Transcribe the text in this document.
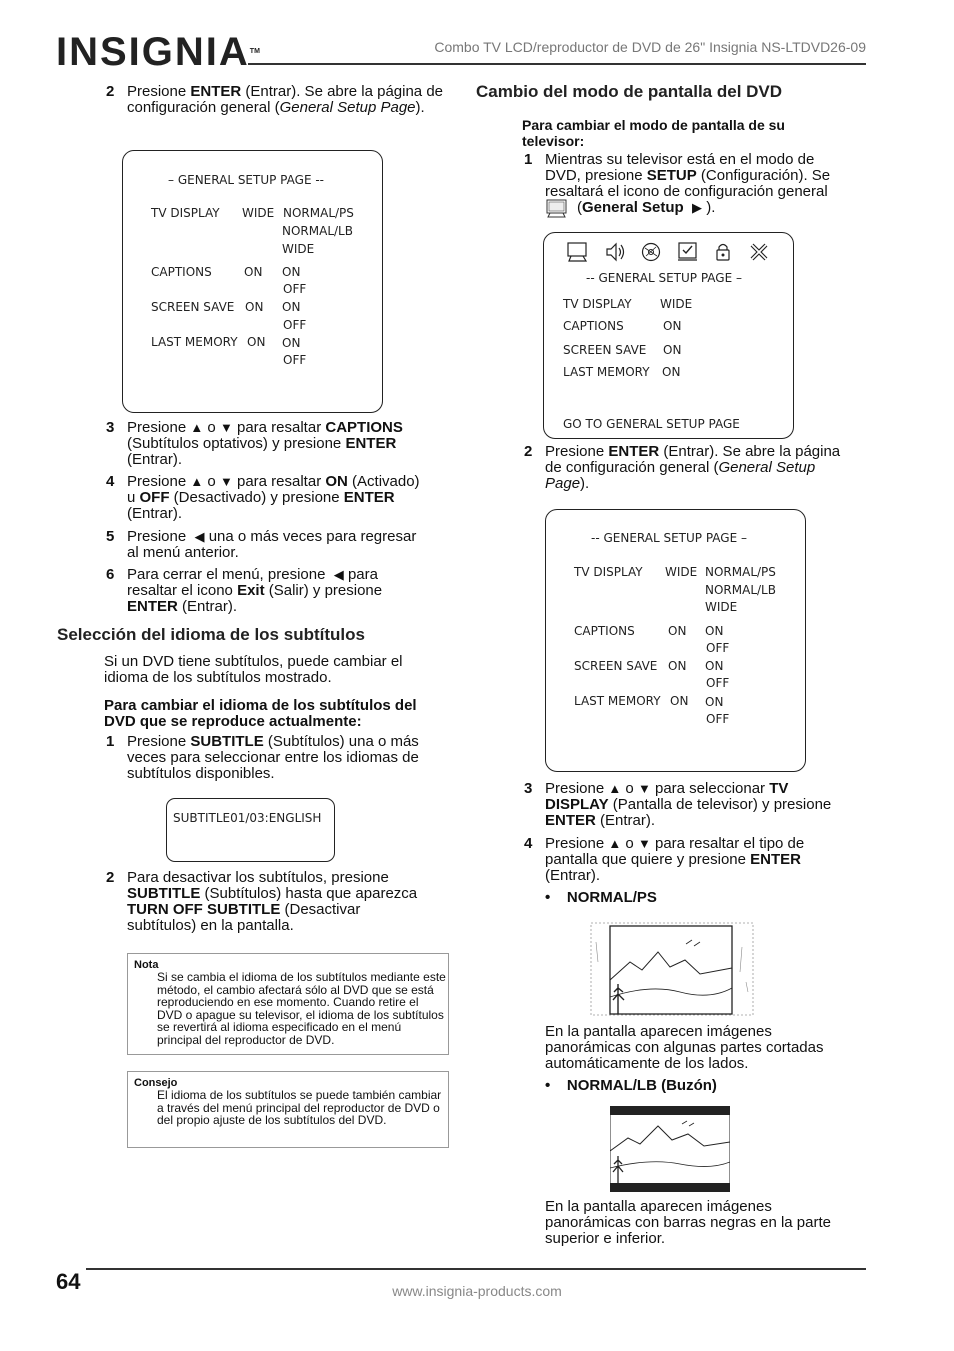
INSIGNIA™	Combo TV LCD/reproductor de DVD de 26" Insignia NS-LTDVD26-09
2 Presione ENTER (Entrar). Se abre la página de configuración general (General Setup Page).
– GENERAL SETUP PAGE --
TV DISPLAY WIDE NORMAL/PS
NORMAL/LB
WIDE
CAPTIONS	ON ON
OFF
SCREEN SAVE ON ON
OFF
LAST MEMORY ON ON
OFF
3 Presione ▲ o ▼ para resaltar CAPTIONS
(Subtítulos optativos) y presione ENTER
(Entrar).
4 Presione ▲ o ▼ para resaltar ON (Activado)
u OFF (Desactivado) y presione ENTER
(Entrar).
5 Presione ◀ una o más veces para regresar
al menú anterior.
6 Para cerrar el menú, presione ◀ para
resaltar el icono Exit (Salir) y presione
ENTER (Entrar).
Selección del idioma de los subtítulos
Si un DVD tiene subtítulos, puede cambiar el
idioma de los subtítulos mostrado.
Para cambiar el idioma de los subtítulos del
DVD que se reproduce actualmente:
1 Presione SUBTITLE (Subtítulos) una o más
veces para seleccionar entre los idiomas de
subtítulos disponibles.
SUBTITLE01/03:ENGLISH
2 Para desactivar los subtítulos, presione
SUBTITLE (Subtítulos) hasta que aparezca
TURN OFF SUBTITLE (Desactivar
subtítulos) en la pantalla.
Nota
Si se cambia el idioma de los subtítulos mediante este método, el cambio afectará sólo al DVD que se está reproduciendo en ese momento. Cuando retire el DVD o apague su televisor, el idioma de los subtítulos se revertirá al idioma especificado en el menú principal del reproductor de DVD.
Consejo
El idioma de los subtítulos se puede también cambiar a través del menú principal del reproductor de DVD o del propio ajuste de los subtítulos del DVD.
Cambio del modo de pantalla del DVD
Para cambiar el modo de pantalla de su
televisor:
1 Mientras su televisor está en el modo de
DVD, presione SETUP (Configuración). Se
resaltará el icono de configuración general
(General Setup ▶ ).
-- GENERAL SETUP PAGE –
TV DISPLAY WIDE
CAPTIONS	ON
SCREEN SAVE ON
LAST MEMORY ON
GO TO GENERAL SETUP PAGE
2 Presione ENTER (Entrar). Se abre la página
de configuración general (General Setup
Page).
-- GENERAL SETUP PAGE –
TV DISPLAY WIDE NORMAL/PS
NORMAL/LB
WIDE
CAPTIONS	ON ON
OFF
SCREEN SAVE ON ON
OFF
LAST MEMORY ON ON
OFF
3 Presione ▲ o ▼ para seleccionar TV
DISPLAY (Pantalla de televisor) y presione
ENTER (Entrar).
4 Presione ▲ o ▼ para resaltar el tipo de
pantalla que quiere y presione ENTER
(Entrar).
•    NORMAL/PS
En la pantalla aparecen imágenes
panorámicas con algunas partes cortadas
automáticamente de los lados.
•    NORMAL/LB (Buzón)
En la pantalla aparecen imágenes
panorámicas con barras negras en la parte
superior e inferior.
64	www.insignia-products.com
